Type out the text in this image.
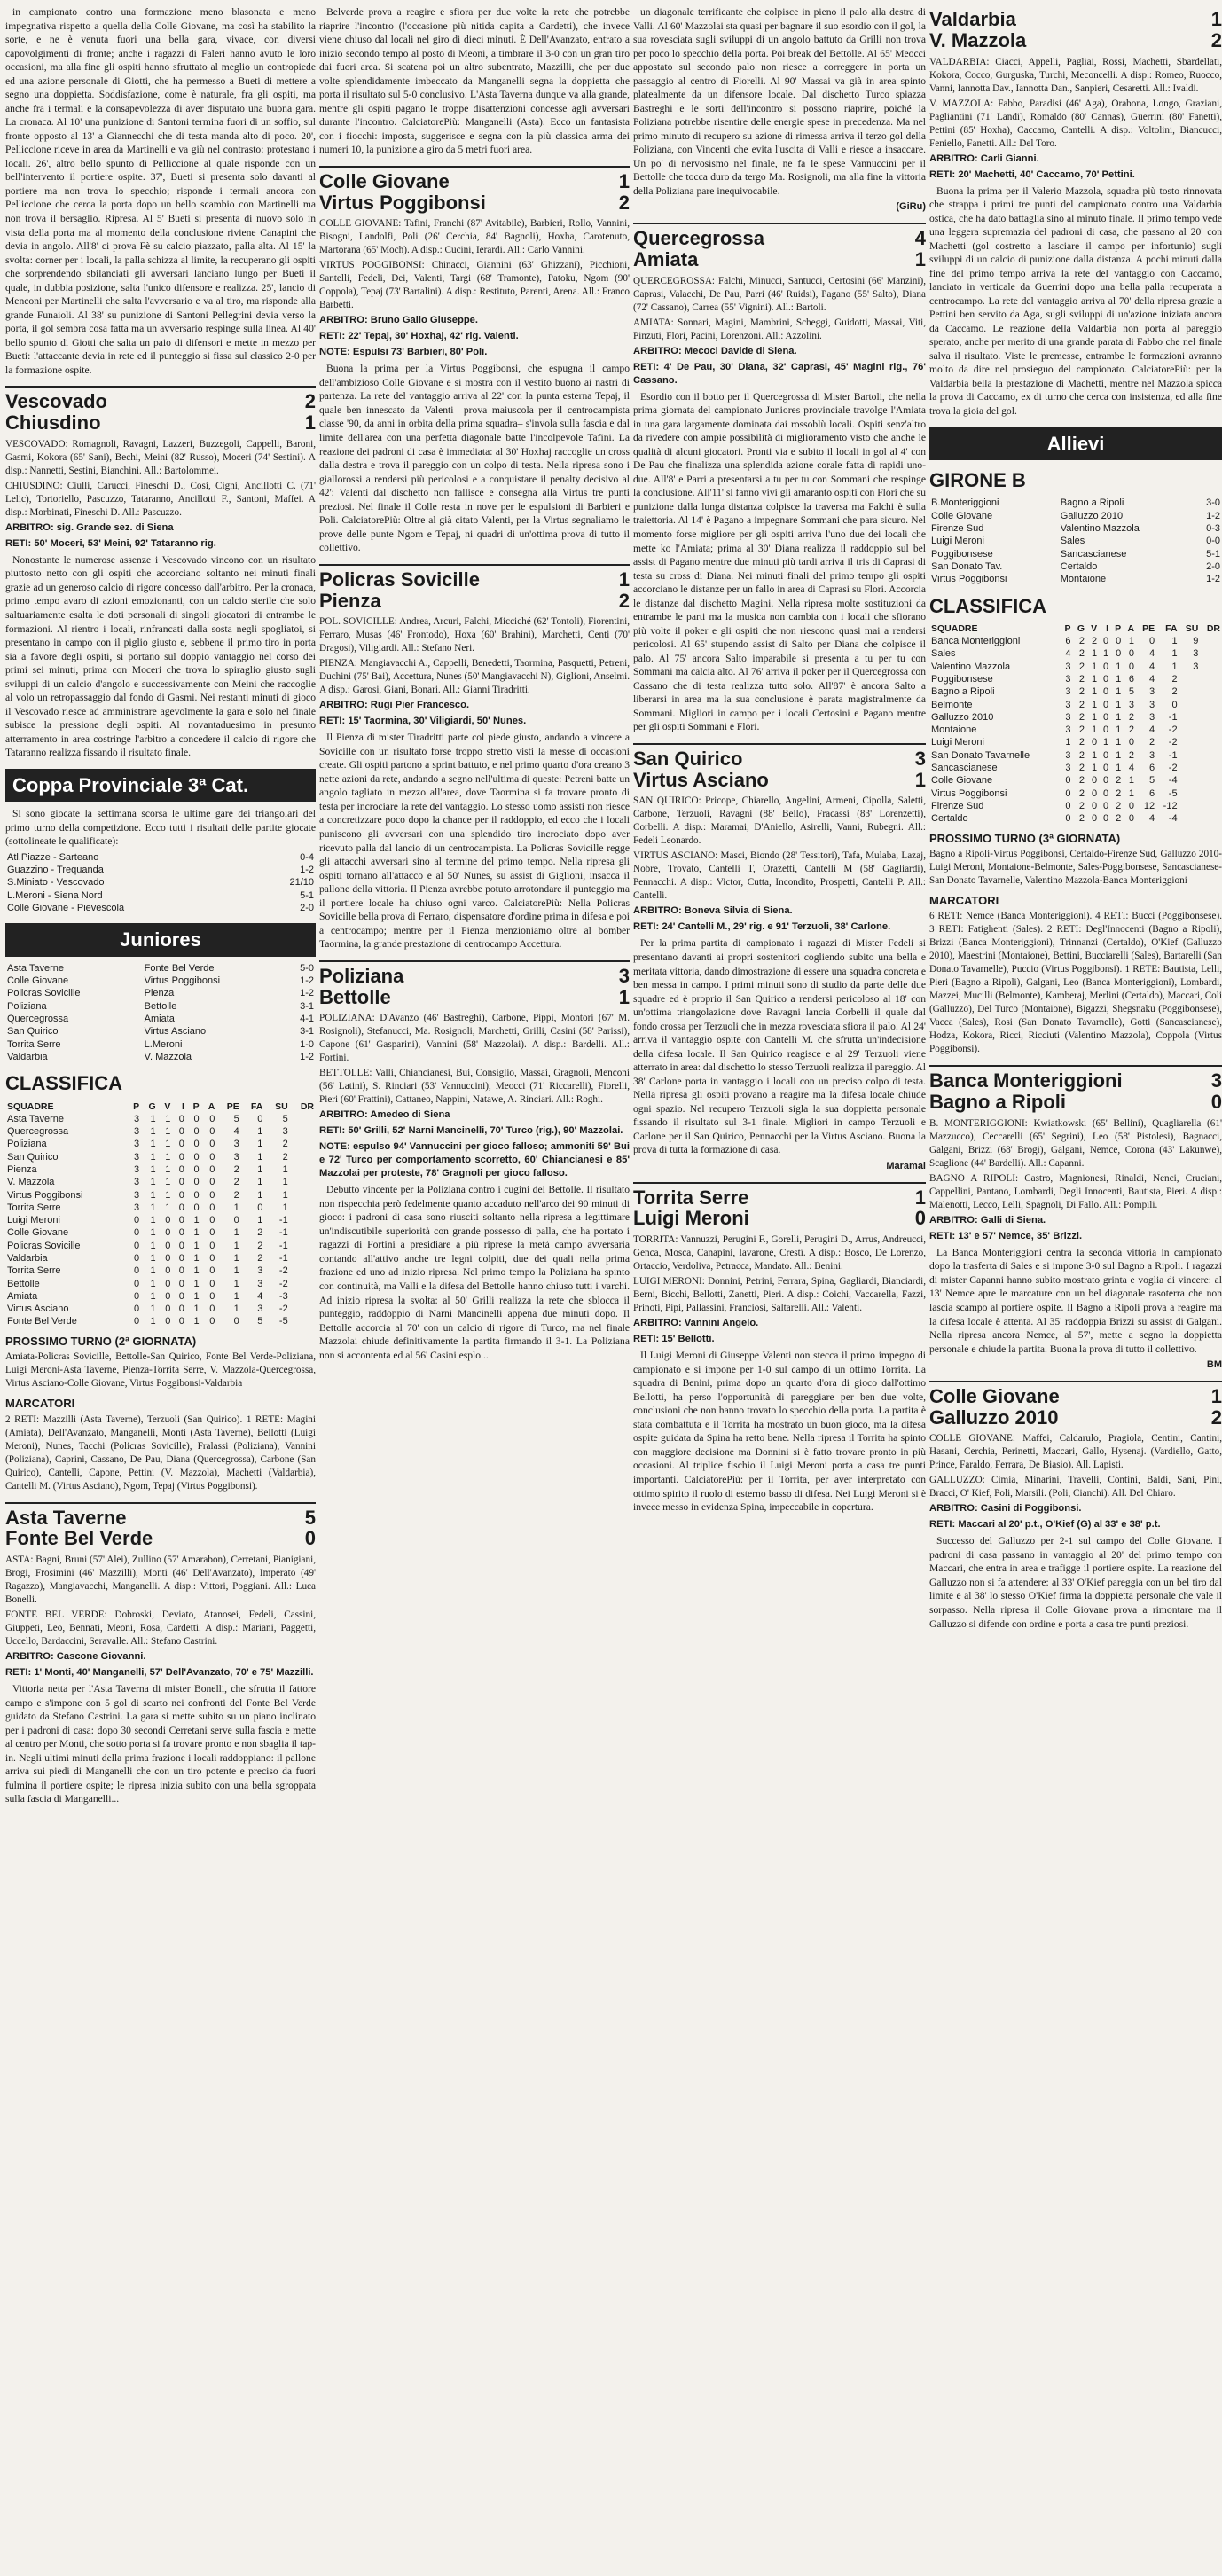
in campionato contro una formazione meno blasonata e meno impegnativa rispetto a quella della Colle Giovane, ma così ha stabilito la sorte, e ne è venuta fuori una bella gara, vivace, con diversi capovolgimenti di fronte; anche i ragazzi di Faleri hanno avuto le loro occasioni, ma alla fine gli ospiti hanno sfruttato al meglio un contropiede ed una azione personale di Giotti, che ha permesso a Bueti di mettere a segno una doppietta. Soddisfazione, come è naturale, fra gli ospiti, ma anche fra i termali e la consapevolezza di aver disputato una buona gara. La cronaca. Al 10' una punizione di Santoni termina fuori di un soffio, sul fronte opposto al 13' a Giannecchi che di testa manda alto di poco. 20', Pelliccione riceve in area da Martinelli e va giù nel contrasto: protestano i locali. 26', altro bello spunto di Pelliccione al quale risponde con un bell'intervento il portiere ospite. 37', Bueti si presenta solo davanti al portiere ma non trova lo specchio; risponde i termali ancora con Pelliccione che cerca la porta dopo un bello scambio con Martinelli ma non trova il bersaglio. Ripresa. Al 5' Bueti si presenta di nuovo solo in vista della porta ma al momento della conclusione riviene Canapini che devia in angolo. All'8' ci prova Fè su calcio piazzato, palla alta. Al 15' la svolta: corner per i locali, la palla schizza al limite, la recuperano gli ospiti che sorprendendo sbilanciati gli avversari lanciano lungo per Bueti il quale, in dubbia posizione, salta l'unico difensore e realizza. 25', lancio di Menconi per Martinelli che salta l'avversario e va al tiro, ma risponde alla grande Funaioli. Al 38' su punizione di Santoni Pellegrini devia verso la porta, il gol sembra cosa fatta ma un avversario respinge sulla linea. Al 40' bello spunto di Giotti che salta un paio di difensori e mette in mezzo per Bueti: l'attaccante devia in rete ed il punteggio si fissa sul classico 2-0 per la formazione ospite.

Vescovado	2
Chiusdino	1
VESCOVADO: Romagnoli, Ravagni, Lazzeri, Buzzegoli, Cappelli, Baroni, Gasmi, Kokora (65' Sani), Bechi, Meini (82' Russo), Moceri (74' Sestini). A disp.: Nannetti, Sestini, Bianchini. All.: Bartolommei.
CHIUSDINO: Ciulli, Carucci, Fineschi D., Cosi, Cigni, Ancillotti C. (71' Lelic), Tortoriello, Pascuzzo, Tataranno, Ancillotti F., Santoni, Maffei. A disp.: Morbinati, Fineschi D. All.: Pascuzzo.
ARBITRO: sig. Grande sez. di Siena
RETI: 50' Moceri, 53' Meini, 92' Tataranno rig.

Nonostante le numerose assenze i Vescovado vincono con un risultato piuttosto netto con gli ospiti che accorciano soltanto nei minuti finali grazie ad un generoso calcio di rigore concesso dall'arbitro. Per la cronaca, primo tempo avaro di azioni emozionanti, con un calcio sterile che solo saltuariamente esalta le doti personali di singoli giocatori di entrambe le formazioni. Al rientro i locali, rinfrancati dalla sosta negli spogliatoi, si presentano in campo con il piglio giusto e, sebbene il primo tiro in porta sia a favore degli ospiti, si portano sul doppio vantaggio nel corso dei primi sei minuti, prima con Moceri che trova lo spiraglio giusto sugli sviluppi di un calcio d'angolo e successivamente con Meini che raccoglie al volo un retropassaggio dal fondo di Gasmi. Nei restanti minuti di gioco il Vescovado riesce ad amministrare agevolmente la gara e solo nel finale subisce la pressione degli ospiti. Al novantaduesimo in presunto atterramento in area costringe l'arbitro a concedere il calcio di rigore che Tataranno realizza fissando il risultato finale.

Coppa Provinciale 3ª Cat.

Si sono giocate la settimana scorsa le ultime gare dei triangolari del primo turno della competizione. Ecco tutti i risultati delle partite giocate (sottolineate le qualificate):

Atl.Piazze - Sarteano	0-4
Guazzino - Trequanda	1-2
S.Miniato - Vescovado	21/10
L.Meroni - Siena Nord	5-1
Colle Giovane - Pievescola	2-0
Juniores
Asta Taverne	Fonte Bel Verde	5-0
Colle Giovane	Virtus Poggibonsi	1-2
Policras Sovicille	Pienza	1-2
Poliziana	Bettolle	3-1
Quercegrossa	Amiata	4-1
San Quirico	Virtus Asciano	3-1
Torrita Serre	L.Meroni	1-0
Valdarbia	V. Mazzola	1-2
CLASSIFICA
SQUADRE	P	G	V	I	P	A	PE	FA	SU	DR
Asta Taverne	3	1	1	0	0	0	5	0	5	
Quercegrossa	3	1	1	0	0	0	4	1	3	
Poliziana	3	1	1	0	0	0	3	1	2	
San Quirico	3	1	1	0	0	0	3	1	2	
Pienza	3	1	1	0	0	0	2	1	1	
V. Mazzola	3	1	1	0	0	0	2	1	1	
Virtus Poggibonsi	3	1	1	0	0	0	2	1	1	
Torrita Serre	3	1	1	0	0	0	1	0	1	
Luigi Meroni	0	1	0	0	1	0	0	1	-1	
Colle Giovane	0	1	0	0	1	0	1	2	-1	
Policras Sovicille	0	1	0	0	1	0	1	2	-1	
Valdarbia	0	1	0	0	1	0	1	2	-1	
Torrita Serre	0	1	0	0	1	0	1	3	-2	
Bettolle	0	1	0	0	1	0	1	3	-2	
Amiata	0	1	0	0	1	0	1	4	-3	
Virtus Asciano	0	1	0	0	1	0	1	3	-2	
Fonte Bel Verde	0	1	0	0	1	0	0	5	-5	
PROSSIMO TURNO (2ª GIORNATA)
Amiata-Policras Sovicille, Bettolle-San Quirico, Fonte Bel Verde-Poliziana, Luigi Meroni-Asta Taverne, Pienza-Torrita Serre, V. Mazzola-Quercegrossa, Virtus Asciano-Colle Giovane, Virtus Poggibonsi-Valdarbia
MARCATORI
2 RETI: Mazzilli (Asta Taverne), Terzuoli (San Quirico). 1 RETE: Magini (Amiata), Dell'Avanzato, Manganelli, Monti (Asta Taverne), Bellotti (Luigi Meroni), Nunes, Tacchi (Policras Sovicille), Fralassi (Poliziana), Vannini (Poliziana), Caprini, Cassano, De Pau, Diana (Quercegrossa), Carbone (San Quirico), Cantelli, Capone, Pettini (V. Mazzola), Machetti (Valdarbia), Cantelli M. (Virtus Asciano), Ngom, Tepaj (Virtus Poggibonsi).
Asta Taverne	5
Fonte Bel Verde	0
ASTA: Bagni, Bruni (57' Alei), Zullino (57' Amarabon), Cerretani, Pianigiani, Brogi, Frosimini (46' Mazzilli), Monti (46' Dell'Avanzato), Imperato (49' Ragazzo), Mangiavacchi, Manganelli. A disp.: Vittori, Poggiani. All.: Luca Bonelli.
FONTE BEL VERDE: Dobroski, Deviato, Atanosei, Fedeli, Cassini, Giuppeti, Leo, Bennati, Meoni, Rosa, Cardetti. A disp.: Mariani, Paggetti, Uccello, Bardaccini, Seravalle. All.: Stefano Castrini.
ARBITRO: Cascone Giovanni.
RETI: 1' Monti, 40' Manganelli, 57' Dell'Avanzato, 70' e 75' Mazzilli.

Vittoria netta per l'Asta Taverna di mister Bonelli, che sfrutta il fattore campo e s'impone con 5 gol di scarto nei confronti del Fonte Bel Verde guidato da Stefano Castrini. La gara si mette subito su un piano inclinato per i padroni di casa: dopo 30 secondi Cerretani serve sulla fascia e mette al centro per Monti, che sotto porta si fa trovare pronto e non sbaglia il tap-in. Negli ultimi minuti della prima frazione i locali raddoppiano: il pallone arriva sui piedi di Manganelli che con un tiro potente e preciso da fuori fulmina il portiere ospite; le ripresa inizia subito con una bella sgroppata sulla fascia di Manganelli...

Belverde prova a reagire e sfiora per due volte la rete che potrebbe riaprire l'incontro (l'occasione più nitida capita a Cardetti), che invece viene chiuso dal locali nel giro di dieci minuti. È Dell'Avanzato, entrato a inizio secondo tempo al posto di Meoni, a timbrare il 3-0 con un gran tiro dai fuori area. Si scatena poi un altro subentrato, Mazzilli, che per due volte splendidamente imbeccato da Manganelli segna la doppietta che porta il risultato sul 5-0 conclusivo. L'Asta Taverna dunque va alla grande, mentre gli ospiti pagano le troppe disattenzioni concesse agli avversari durante l'incontro. CalciatorePiù: Manganelli (Asta). Ecco un fantasista con i fiocchi: imposta, suggerisce e segna con la più classica arma dei numeri 10, la punizione a giro da 5 metri fuori area.

Colle Giovane	1
Virtus Poggibonsi	2
COLLE GIOVANE: Tafini, Franchi (87' Avitabile), Barbieri, Rollo, Vannini, Bisogni, Landolfi, Poli (26' Cerchia, 84' Bagnoli), Hoxha, Carotenuto, Martorana (65' Moch). A disp.: Cucini, Ierardi. All.: Carlo Vannini.
VIRTUS POGGIBONSI: Chinacci, Giannini (63' Ghizzani), Picchioni, Santelli, Fedeli, Dei, Valenti, Targi (68' Tramonte), Patoku, Ngom (90' Coppola), Tepaj (73' Bartalini). A disp.: Restituto, Parenti, Arena. All.: Franco Barbetti.
ARBITRO: Bruno Gallo Giuseppe.
RETI: 22' Tepaj, 30' Hoxhaj, 42' rig. Valenti.
NOTE: Espulsi 73' Barbieri, 80' Poli.

Buona la prima per la Virtus Poggibonsi, che espugna il campo dell'ambizioso Colle Giovane e si mostra con il vestito buono ai nastri di partenza. La rete del vantaggio arriva al 22' con la punta esterna Tepaj, il quale ben innescato da Valenti –prova maiuscola per il centrocampista classe '90, da anni in orbita della prima squadra– s'invola sulla fascia e dal limite dell'area con una perfetta diagonale batte l'incolpevole Tafini. La reazione dei padroni di casa è immediata: al 30' Hoxhaj raccoglie un cross dalla destra e trova il pareggio con un colpo di testa. Nella ripresa sono i giallorossi a rendersi più pericolosi e a conquistare il penalty decisivo al 42': Valenti dal dischetto non fallisce e consegna alla Virtus tre punti preziosi. Nel finale il Colle resta in nove per le espulsioni di Barbieri e Poli. CalciatorePiù: Oltre al già citato Valenti, per la Virtus segnaliamo le prove delle punte Ngom e Tepaj, ni quadri di un'ottima prova di tutto il collettivo.

Policras Sovicille	1
Pienza	2
POL. SOVICILLE: Andrea, Arcuri, Falchi, Micciché (62' Tontoli), Fiorentini, Ferraro, Musas (46' Frontodo), Hoxa (60' Brahini), Marchetti, Centi (70' Dragosi), Viligiardi. All.: Stefano Neri.
PIENZA: Mangiavacchi A., Cappelli, Benedetti, Taormina, Pasquetti, Petreni, Duchini (75' Bai), Accettura, Nunes (50' Mangiavacchi N), Giglioni, Anselmi. A disp.: Garosi, Giani, Bonari. All.: Gianni Tiradritti.
ARBITRO: Rugi Pier Francesco.
RETI: 15' Taormina, 30' Viligiardi, 50' Nunes.

Il Pienza di mister Tiradritti parte col piede giusto, andando a vincere a Sovicille con un risultato forse troppo stretto visti la messe di occasioni create. Gli ospiti partono a sprint battuto, e nel primo quarto d'ora creano 3 nette azioni da rete, andando a segno nell'ultima di queste: Petreni batte un angolo tagliato in mezzo all'area, dove Taormina si fa trovare pronto di testa per incrociare la rete del vantaggio. Lo stesso uomo assisti non riesce a concretizzare poco dopo la chance per il raddoppio, ed ecco che i locali puniscono gli avversari con una splendido tiro incrociato dopo aver ricevuto palla dal lancio di un centrocampista. La Policras Sovicille regge gli attacchi avversari sino al termine del primo tempo. Nella ripresa gli ospiti tornano all'attacco e al 50' Nunes, su assist di Giglioni, insacca il pallone della vittoria. Il Pienza avrebbe potuto arrotondare il punteggio ma il portiere locale ha chiuso ogni varco. CalciatorePiù: Nella Policras Sovicille bella prova di Ferraro, dispensatore d'ordine prima in difesa e poi a centrocampo; mentre per il Pienza menzioniamo oltre al bomber Taormina, la grande prestazione di centrocampo Accettura.

Poliziana	3
Bettolle	1
POLIZIANA: D'Avanzo (46' Bastreghi), Carbone, Pippi, Montori (67' M. Rosignoli), Stefanucci, Ma. Rosignoli, Marchetti, Grilli, Casini (58' Parissi), Capone (61' Gasparini), Vannini (58' Mazzolai). A disp.: Bardelli. All.: Fortini.
BETTOLLE: Valli, Chiancianesi, Bui, Consiglio, Massai, Gragnoli, Menconi (56' Latini), S. Rinciari (53' Vannuccini), Meocci (71' Riccarelli), Fiorelli, Pieri (60' Frattini), Cattaneo, Nappini, Natawe, A. Rinciari. All.: Roghi.
ARBITRO: Amedeo di Siena
RETI: 50' Grilli, 52' Narni Mancinelli, 70' Turco (rig.), 90' Mazzolai.
NOTE: espulso 94' Vannuccini per gioco falloso; ammoniti 59' Bui e 72' Turco per comportamento scorretto, 60' Chiancianesi e 85' Mazzolai per proteste, 78' Gragnoli per gioco falloso.

Debutto vincente per la Poliziana contro i cugini del Bettolle. Il risultato non rispecchia però fedelmente quanto accaduto nell'arco dei 90 minuti di gioco: i padroni di casa sono riusciti soltanto nella ripresa a legittimare un'indiscutibile superiorità con grande possesso di palla, che ha portato i ragazzi di Fortini a presidiare a più riprese la metà campo avversaria contando all'attivo anche tre legni colpiti, due dei quali nella prima frazione ed uno ad inizio ripresa. Nel primo tempo la Poliziana ha spinto con continuità, ma Valli e la difesa del Bettolle hanno chiuso tutti i varchi. Ad inizio ripresa la svolta: al 50' Grilli realizza la rete che sblocca il punteggio, raddoppio di Narni Mancinelli appena due minuti dopo. Il Bettolle accorcia al 70' con un calcio di rigore di Turco, ma nel finale Mazzolai chiude definitivamente la partita firmando il 3-1. La Poliziana non si accontenta ed al 56' Casini esplo...

un diagonale terrificante che colpisce in pieno il palo alla destra di Valli. Al 60' Mazzolai sta quasi per bagnare il suo esordio con il gol, la sua rovesciata sugli sviluppi di un angolo battuto da Grilli non trova per poco lo specchio della porta. Poi break del Bettolle. Al 65' Meocci appostato sul secondo palo non riesce a correggere in porta un passaggio al centro di Fiorelli. Al 90' Massai va già in area spinto platealmente da un difensore locale. Dal dischetto Turco spiazza Bastreghi e le sorti dell'incontro si possono riaprire, poiché la Poliziana potrebbe risentire delle energie spese in precedenza. Ma nel primo minuto di recupero su azione di rimessa arriva il terzo gol della Poliziana, con Vincenti che evita l'uscita di Valli e riesce a insaccare. Un po' di nervosismo nel finale, ne fa le spese Vannuccini per il Bettolle che tocca duro da tergo Ma. Rosignoli, ma alla fine la vittoria della Poliziana pare inequivocabile.

(GiRu)
Quercegrossa	4
Amiata	1
QUERCEGROSSA: Falchi, Minucci, Santucci, Certosini (66' Manzini), Caprasi, Valacchi, De Pau, Parri (46' Ruidsi), Pagano (55' Salto), Diana (72' Cassano), Carrea (55' Vignini). All.: Bartoli.
AMIATA: Sonnari, Magini, Mambrini, Scheggi, Guidotti, Massai, Viti, Pinzuti, Flori, Pacini, Lorenzoni. All.: Azzolini.
ARBITRO: Mecoci Davide di Siena.
RETI: 4' De Pau, 30' Diana, 32' Caprasi, 45' Magini rig., 76' Cassano.

Esordio con il botto per il Quercegrossa di Mister Bartoli, che nella prima giornata del campionato Juniores provinciale travolge l'Amiata in una gara largamente dominata dai rossoblù locali. Ospiti senz'altro da rivedere con ampie possibilità di miglioramento visto che anche le qualità di alcuni giocatori. Pronti via e subito il locali in gol al 4' con De Pau che finalizza una splendida azione corale fatta di rapidi uno-due. All'8' e Parri a presentarsi a tu per tu con Sommani che respinge la conclusione. All'11' si fanno vivi gli amaranto ospiti con Flori che su punizione dalla lunga distanza colpisce la traversa ma Falchi è sulla traiettoria. Al 14' è Pagano a impegnare Sommani che para sicuro. Nel momento forse migliore per gli ospiti arriva l'uno due dei locali che mette ko l'Amiata; prima al 30' Diana realizza il raddoppio sul bel assist di Pagano mentre due minuti più tardi arriva il tris di Caprasi di testa su cross di Diana. Nei minuti finali del primo tempo gli ospiti accorciano le distanze per un fallo in area di Caprasi su Flori. Accorcia le distanze dal dischetto Magini. Nella ripresa molte sostituzioni da entrambe le parti ma la musica non cambia con i locali che sfiorano più volte il poker e gli ospiti che non riescono quasi mai a rendersi pericolosi. Al 65' stupendo assist di Salto per Diana che colpisce il palo. Al 75' ancora Salto imparabile si presenta a tu per tu con Sommani ma calcia alto. Al 76' arriva il poker per il Quercegrossa con Cassano che di testa realizza tutto solo. All'87' è ancora Salto a liberarsi in area ma la sua conclusione è parata magistralmente da Sommani. Migliori in campo per i locali Certosini e Pagano mentre per gli ospiti Sommani e Flori.

San Quirico	3
Virtus Asciano	1
SAN QUIRICO: Pricope, Chiarello, Angelini, Armeni, Cipolla, Saletti, Carbone, Terzuoli, Ravagni (88' Bello), Fracassi (83' Lorenzetti), Corbelli. A disp.: Maramai, D'Aniello, Asirelli, Vanni, Rubegni. All.: Fedeli Leonardo.
VIRTUS ASCIANO: Masci, Biondo (28' Tessitori), Tafa, Mulaba, Lazaj, Nobre, Trovato, Cantelli T, Orazetti, Cantelli M (58' Gagliardi), Pennacchi. A disp.: Victor, Cutta, Incondito, Prospetti, Cantelli P. All.: Cantelli.
ARBITRO: Boneva Silvia di Siena.
RETI: 24' Cantelli M., 29' rig. e 91' Terzuoli, 38' Carlone.

Per la prima partita di campionato i ragazzi di Mister Fedeli si presentano davanti ai propri sostenitori cogliendo subito una bella e meritata vittoria, dando dimostrazione di essere una squadra concreta e ben messa in campo. I primi minuti sono di studio da parte delle due squadre ed è proprio il San Quirico a rendersi pericoloso al 18' con un'ottima triangolazione dove Ravagni lancia Corbelli il quale dal fondo crossa per Terzuoli che in mezza rovesciata sfiora il palo. Al 24' arriva il vantaggio ospite con Cantelli M. che sfrutta un'indecisione della difesa locale. Il San Quirico reagisce e al 29' Terzuoli viene atterrato in area: dal dischetto lo stesso Terzuoli realizza il pareggio. Al 38' Carlone porta in vantaggio i locali con un preciso colpo di testa. Nella ripresa gli ospiti provano a reagire ma la difesa locale chiude ogni spazio. Nel recupero Terzuoli sigla la sua doppietta personale fissando il risultato sul 3-1 finale. Migliori in campo Terzuoli e Carlone per il San Quirico, Pennacchi per la Virtus Asciano. Buona la prova di tutta la formazione di casa.

Maramai
Torrita Serre	1
Luigi Meroni	0
TORRITA: Vannuzzi, Perugini F., Gorelli, Perugini D., Arrus, Andreucci, Genca, Mosca, Canapini, Iavarone, Crestí. A disp.: Bosco, De Lorenzo, Ortaccio, Verdoliva, Petracca, Mandato. All.: Benini.
LUIGI MERONI: Donnini, Petrini, Ferrara, Spina, Gagliardi, Bianciardi, Berni, Bicchi, Bellotti, Zanetti, Pieri. A disp.: Coichi, Vaccarella, Fazzi, Prinoti, Pipi, Pallassini, Franciosi, Saltarelli. All.: Valenti.
ARBITRO: Vannini Angelo.
RETI: 15' Bellotti.

Il Luigi Meroni di Giuseppe Valenti non stecca il primo impegno di campionato e si impone per 1-0 sul campo di un ottimo Torrita. La squadra di Benini, prima dopo un quarto d'ora di gioco dall'ottimo Bellotti, ha perso l'opportunità di pareggiare per ben due volte, conclusioni che non hanno trovato lo specchio della porta. La partita è stata combattuta e il Torrita ha mostrato un buon gioco, ma la difesa ospite guidata da Spina ha retto bene. Nella ripresa il Torrita ha spinto con maggiore decisione ma Donnini si è fatto trovare pronto in più occasioni. Al triplice fischio il Luigi Meroni porta a casa tre punti importanti. CalciatorePiù: per il Torrita, per aver interpretato con ottimo spirito il ruolo di esterno basso di difesa. Nei Luigi Meroni si è invece messo in evidenza Spina, impeccabile in copertura.

Valdarbia	1
V. Mazzola	2
VALDARBIA: Ciacci, Appelli, Pagliai, Rossi, Machetti, Sbardellati, Kokora, Cocco, Gurguska, Turchi, Meconcelli. A disp.: Romeo, Ruocco, Vanni, Iannotta Dav., Iannotta Dan., Sanpieri, Cesaretti. All.: Ivaldi.
V. MAZZOLA: Fabbo, Paradisi (46' Aga), Orabona, Longo, Graziani, Pagliantini (71' Landi), Romaldo (80' Cannas), Guerrini (80' Fanetti), Pettini (85' Hoxha), Caccamo, Cantelli. A disp.: Voltolini, Biancucci, Feniello, Fanetti. All.: Del Toro.
ARBITRO: Carli Gianni.
RETI: 20' Machetti, 40' Caccamo, 70' Pettini.

Buona la prima per il Valerio Mazzola, squadra più tosto rinnovata che strappa i primi tre punti del campionato contro una Valdarbia ostica, che ha dato battaglia sino al minuto finale. Il primo tempo vede una leggera supremazia del padroni di casa, che passano al 20' con Machetti (gol costretto a lasciare il campo per infortunio) sugli sviluppi di un calcio di punizione dalla distanza. A pochi minuti dalla fine del primo tempo arriva la rete del vantaggio con Caccamo, lanciato in verticale da Guerrini dopo una bella palla recuperata a centrocampo. La rete del vantaggio arriva al 70' della ripresa grazie a Pettini ben servito da Aga, sugli sviluppi di un'azione iniziata ancora da Caccamo. Le reazione della Valdarbia non porta al pareggio sperato, anche per merito di una grande parata di Fabbo che nel finale salva il risultato. Viste le premesse, entrambe le formazioni avranno molto da dire nel prosieguo del campionato. CalciatorePiù: per la Valdarbia bella la prestazione di Machetti, mentre nel Mazzola spicca la prova di Caccamo, ex di turno che cerca con insistenza, ed alla fine trova la gioia del gol.

Allievi
GIRONE B
B.Monteriggioni	Bagno a Ripoli	3-0
Colle Giovane	Galluzzo 2010	1-2
Firenze Sud	Valentino Mazzola	0-3
Luigi Meroni	Sales	0-0
Poggibonsese	Sancascianese	5-1
San Donato Tav.	Certaldo	2-0
Virtus Poggibonsi	Montaione	1-2
CLASSIFICA
SQUADRE	P	G	V	I	P	A	PE	FA	SU	DR
Banca Monteriggioni	6	2	2	0	0	1	0	1	9	
Sales	4	2	1	1	0	0	4	1	3	
Valentino Mazzola	3	2	1	0	1	0	4	1	3	
Poggibonsese	3	2	1	0	1	6	4	2		
Bagno a Ripoli	3	2	1	0	1	5	3	2		
Belmonte	3	2	1	0	1	3	3	0		
Galluzzo 2010	3	2	1	0	1	2	3	-1		
Montaione	3	2	1	0	1	2	4	-2		
Luigi Meroni	1	2	0	1	1	0	2	-2		
San Donato Tavarnelle	3	2	1	0	1	2	3	-1		
Sancascianese	3	2	1	0	1	4	6	-2		
Colle Giovane	0	2	0	0	2	1	5	-4		
Virtus Poggibonsi	0	2	0	0	2	1	6	-5		
Firenze Sud	0	2	0	0	2	0	12	-12		
Certaldo	0	2	0	0	2	0	4	-4		
PROSSIMO TURNO (3ª GIORNATA)
Bagno a Ripoli-Virtus Poggibonsi, Certaldo-Firenze Sud, Galluzzo 2010-Luigi Meroni, Montaione-Belmonte, Sales-Poggibonsese, Sancascianese-San Donato Tavarnelle, Valentino Mazzola-Banca Monteriggioni
MARCATORI
6 RETI: Nemce (Banca Monteriggioni). 4 RETI: Bucci (Poggibonsese). 3 RETI: Fatighenti (Sales). 2 RETI: Degl'Innocenti (Bagno a Ripoli), Brizzi (Banca Monteriggioni), Trinnanzi (Certaldo), O'Kief (Galluzzo 2010), Maestrini (Montaione), Bettini, Bucciarelli (Sales), Bartarelli (San Donato Tavarnelle), Puccio (Virtus Poggibonsi). 1 RETE: Bautista, Lelli, Pieri (Bagno a Ripoli), Galgani, Leo (Banca Monteriggioni), Lombardi, Mazzei, Mucilli (Belmonte), Kamberaj, Merlini (Certaldo), Maccari, Coli (Galluzzo), Del Turco (Montaione), Bigazzi, Shegsnaku (Poggibonsese), Vacca (Sales), Rosi (San Donato Tavarnelle), Gotti (Sancascianese), Hodza, Kokora, Ricci, Ricciuti (Valentino Mazzola), Coppola (Virtus Poggibonsi).
Banca Monteriggioni	3
Bagno a Ripoli	0
B. MONTERIGGIONI: Kwiatkowski (65' Bellini), Quagliarella (61' Mazzucco), Ceccarelli (65' Segrini), Leo (58' Pistolesi), Bagnacci, Galgani, Brizzi (68' Brogi), Galgani, Nemce, Corona (43' Lakunwe), Scaglione (44' Bardelli). All.: Capanni.
BAGNO A RIPOLI: Castro, Magnionesi, Rinaldi, Nenci, Cruciani, Cappellini, Pantano, Lombardi, Degli Innocenti, Bautista, Pieri. A disp.: Malenotti, Lecco, Lelli, Spagnoli, Di Fallo. All.: Pompili.
ARBITRO: Galli di Siena.
RETI: 13' e 57' Nemce, 35' Brizzi.

La Banca Monteriggioni centra la seconda vittoria in campionato dopo la trasferta di Sales e si impone 3-0 sul Bagno a Ripoli. I ragazzi di mister Capanni hanno subito mostrato grinta e voglia di vincere: al 13' Nemce apre le marcature con un bel diagonale rasoterra che non lascia scampo al portiere ospite. Il Bagno a Ripoli prova a reagire ma la difesa locale è attenta. Al 35' raddoppia Brizzi su assist di Galgani. Nella ripresa ancora Nemce, al 57', mette a segno la doppietta personale e chiude la partita. Buona la prova di tutto il collettivo.

BM
Colle Giovane	1
Galluzzo 2010	2
COLLE GIOVANE: Maffei, Caldarulo, Pragiola, Centini, Cantini, Hasani, Cerchia, Perinetti, Maccari, Gallo, Hysenaj. (Vardiello, Gatto, Prince, Faraldo, Ferrara, De Biasio). All. Lapisti.
GALLUZZO: Cimia, Minarini, Travelli, Contini, Baldi, Sani, Pini, Bracci, O' Kief, Poli, Marsili. (Poli, Cianchi). All. Del Chiaro.
ARBITRO: Casini di Poggibonsi.
RETI: Maccari al 20' p.t., O'Kief (G) al 33' e 38' p.t.

Successo del Galluzzo per 2-1 sul campo del Colle Giovane. I padroni di casa passano in vantaggio al 20' del primo tempo con Maccari, che entra in area e trafigge il portiere ospite. La reazione del Galluzzo non si fa attendere: al 33' O'Kief pareggia con un bel tiro dal limite e al 38' lo stesso O'Kief firma la doppietta personale che vale il sorpasso. Nella ripresa il Colle Giovane prova a rimontare ma il Galluzzo si difende con ordine e porta a casa tre punti preziosi.
